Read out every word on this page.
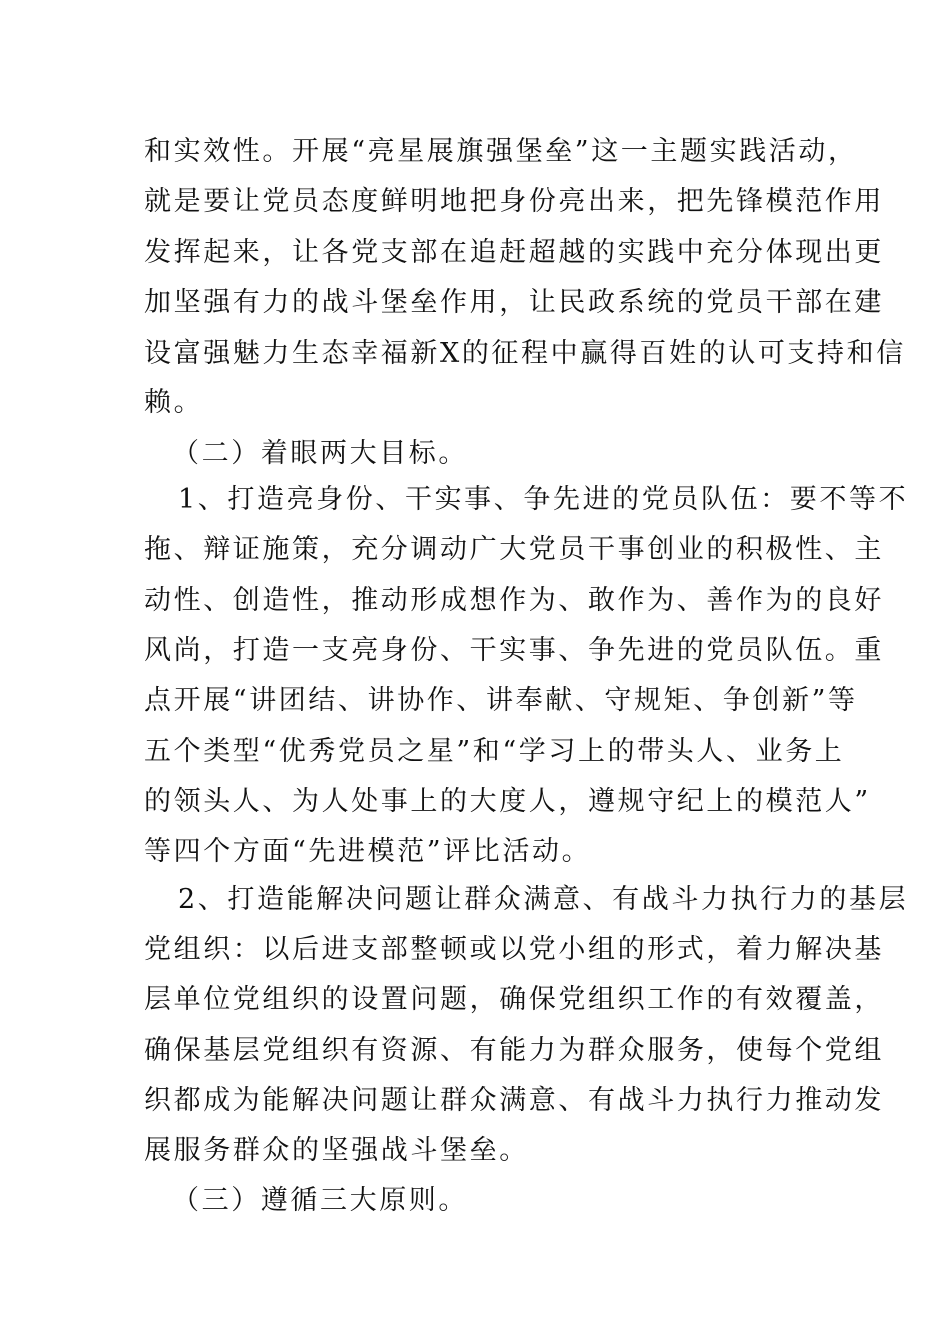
和实效性。开展“亮星展旗强堡垒”这一主题实践活动，
就是要让党员态度鲜明地把身份亮出来，把先锋模范作用
发挥起来，让各党支部在追赶超越的实践中充分体现出更
加坚强有力的战斗堡垒作用，让民政系统的党员干部在建
设富强魅力生态幸福新X的征程中赢得百姓的认可支持和信
赖。
（二）着眼两大目标。
1、打造亮身份、干实事、争先进的党员队伍：要不等不
拖、辩证施策，充分调动广大党员干事创业的积极性、主
动性、创造性，推动形成想作为、敢作为、善作为的良好
风尚，打造一支亮身份、干实事、争先进的党员队伍。重
点开展“讲团结、讲协作、讲奉献、守规矩、争创新”等
五个类型“优秀党员之星”和“学习上的带头人、业务上
的领头人、为人处事上的大度人，遵规守纪上的模范人”
等四个方面“先进模范”评比活动。
2、打造能解决问题让群众满意、有战斗力执行力的基层
党组织：以后进支部整顿或以党小组的形式，着力解决基
层单位党组织的设置问题，确保党组织工作的有效覆盖，
确保基层党组织有资源、有能力为群众服务，使每个党组
织都成为能解决问题让群众满意、有战斗力执行力推动发
展服务群众的坚强战斗堡垒。
（三）遵循三大原则。
